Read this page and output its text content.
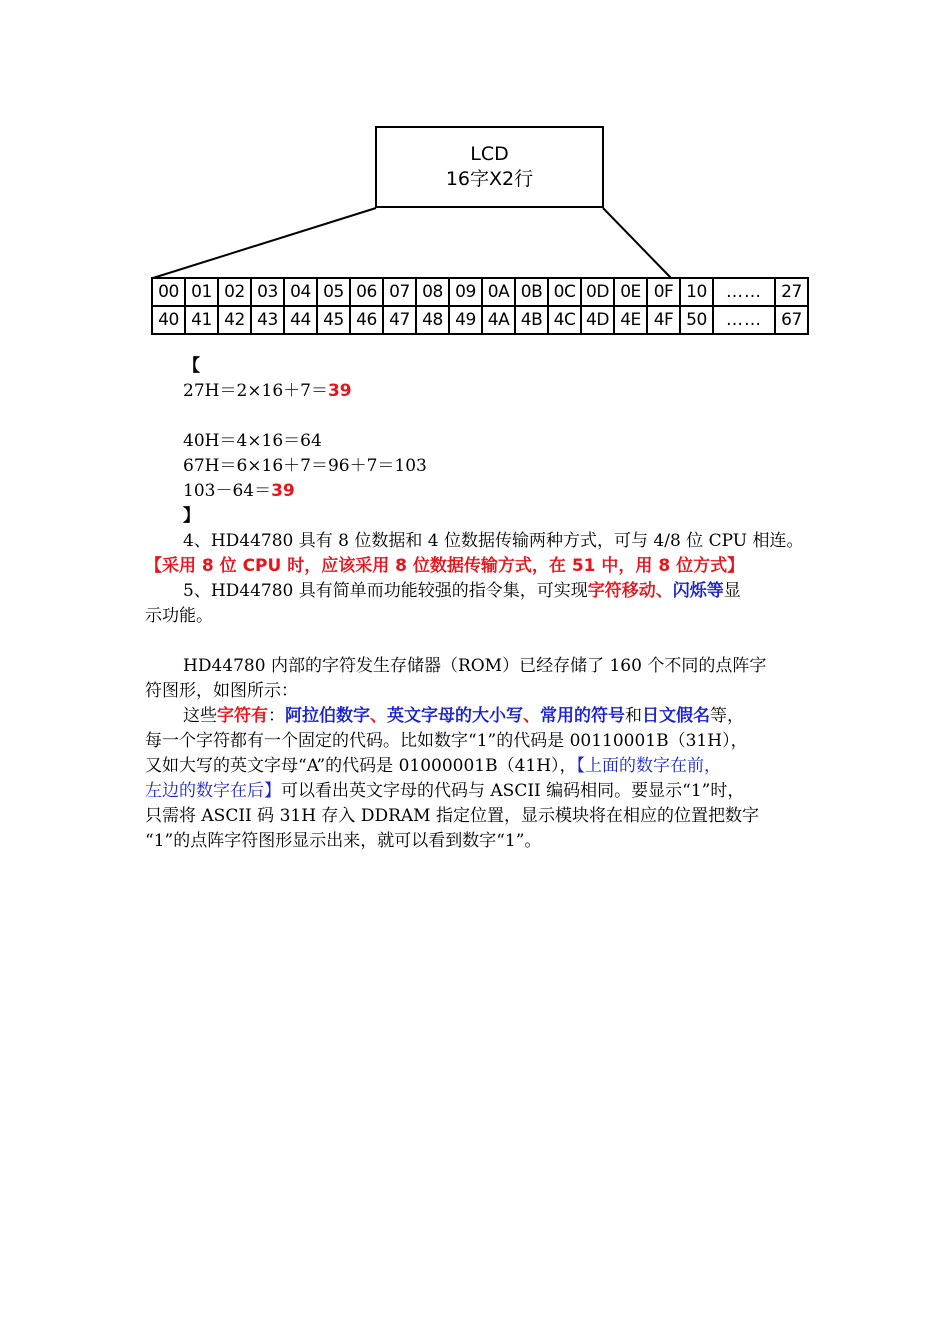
LCD
16字X2行
00	01	02	03	04	05	06	07	08	09	0A	0B	0C	0D	0E	0F	10	……	27
40	41	42	43	44	45	46	47	48	49	4A	4B	4C	4D	4E	4F	50	……	67

【

27H＝2×16＋7＝39

40H＝4×16＝64

67H＝6×16＋7＝96＋7＝103

103－64＝39

】

4、HD44780 具有 8 位数据和 4 位数据传输两种方式，可与 4/8 位 CPU 相连。

【采用 8 位 CPU 时，应该采用 8 位数据传输方式，在 51 中，用 8 位方式】

5、HD44780 具有简单而功能较强的指令集，可实现字符移动、闪烁等显

示功能。

HD44780 内部的字符发生存储器（ROM）已经存储了 160 个不同的点阵字

符图形，如图所示：

这些字符有：阿拉伯数字、英文字母的大小写、常用的符号和日文假名等，

每一个字符都有一个固定的代码。比如数字“1”的代码是 00110001B（31H），

又如大写的英文字母“A”的代码是 01000001B（41H），【上面的数字在前，

左边的数字在后】可以看出英文字母的代码与 ASCII 编码相同。要显示“1”时，

只需将 ASCII 码 31H 存入 DDRAM 指定位置，显示模块将在相应的位置把数字

“1”的点阵字符图形显示出来，就可以看到数字“1”。
